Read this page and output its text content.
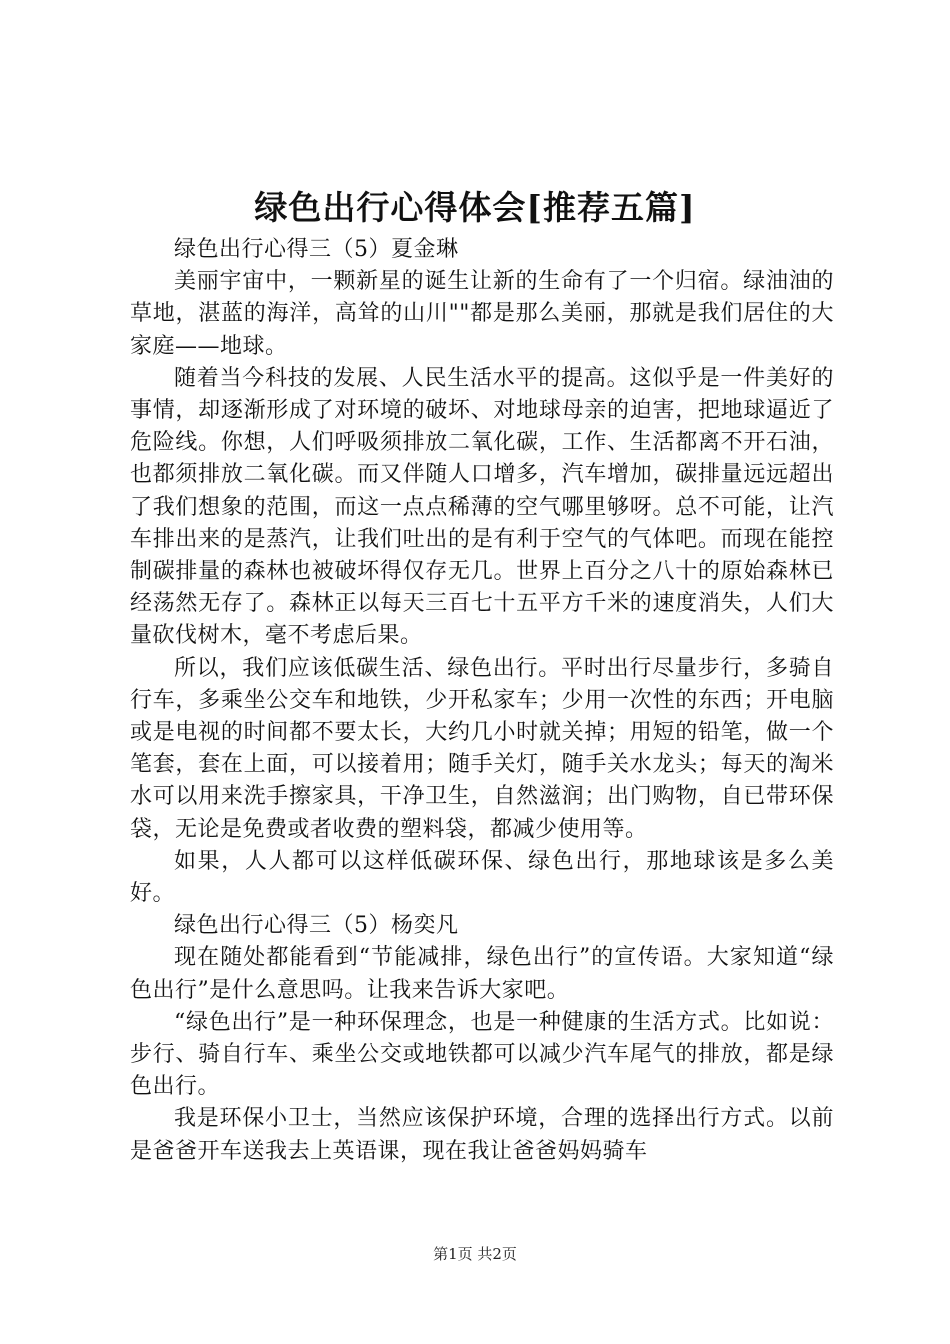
绿色出行心得体会[推荐五篇]

绿色出行心得三（5）夏金琳

美丽宇宙中，一颗新星的诞生让新的生命有了一个归宿。绿油油的草地，湛蓝的海洋，高耸的山川""都是那么美丽，那就是我们居住的大家庭——地球。

随着当今科技的发展、人民生活水平的提高。这似乎是一件美好的事情，却逐渐形成了对环境的破坏、对地球母亲的迫害，把地球逼近了危险线。你想，人们呼吸须排放二氧化碳，工作、生活都离不开石油，也都须排放二氧化碳。而又伴随人口增多，汽车增加，碳排量远远超出了我们想象的范围，而这一点点稀薄的空气哪里够呀。总不可能，让汽车排出来的是蒸汽，让我们吐出的是有利于空气的气体吧。而现在能控制碳排量的森林也被破坏得仅存无几。世界上百分之八十的原始森林已经荡然无存了。森林正以每天三百七十五平方千米的速度消失，人们大量砍伐树木，毫不考虑后果。

所以，我们应该低碳生活、绿色出行。平时出行尽量步行，多骑自行车，多乘坐公交车和地铁，少开私家车；少用一次性的东西；开电脑或是电视的时间都不要太长，大约几小时就关掉；用短的铅笔，做一个笔套，套在上面，可以接着用；随手关灯，随手关水龙头；每天的淘米水可以用来洗手擦家具，干净卫生，自然滋润；出门购物，自已带环保袋，无论是免费或者收费的塑料袋，都减少使用等。

如果，人人都可以这样低碳环保、绿色出行，那地球该是多么美好。

绿色出行心得三（5）杨奕凡

现在随处都能看到“节能减排，绿色出行”的宣传语。大家知道“绿色出行”是什么意思吗。让我来告诉大家吧。

“绿色出行”是一种环保理念，也是一种健康的生活方式。比如说：步行、骑自行车、乘坐公交或地铁都可以减少汽车尾气的排放，都是绿色出行。

我是环保小卫士，当然应该保护环境，合理的选择出行方式。以前是爸爸开车送我去上英语课，现在我让爸爸妈妈骑车

第1页 共2页
